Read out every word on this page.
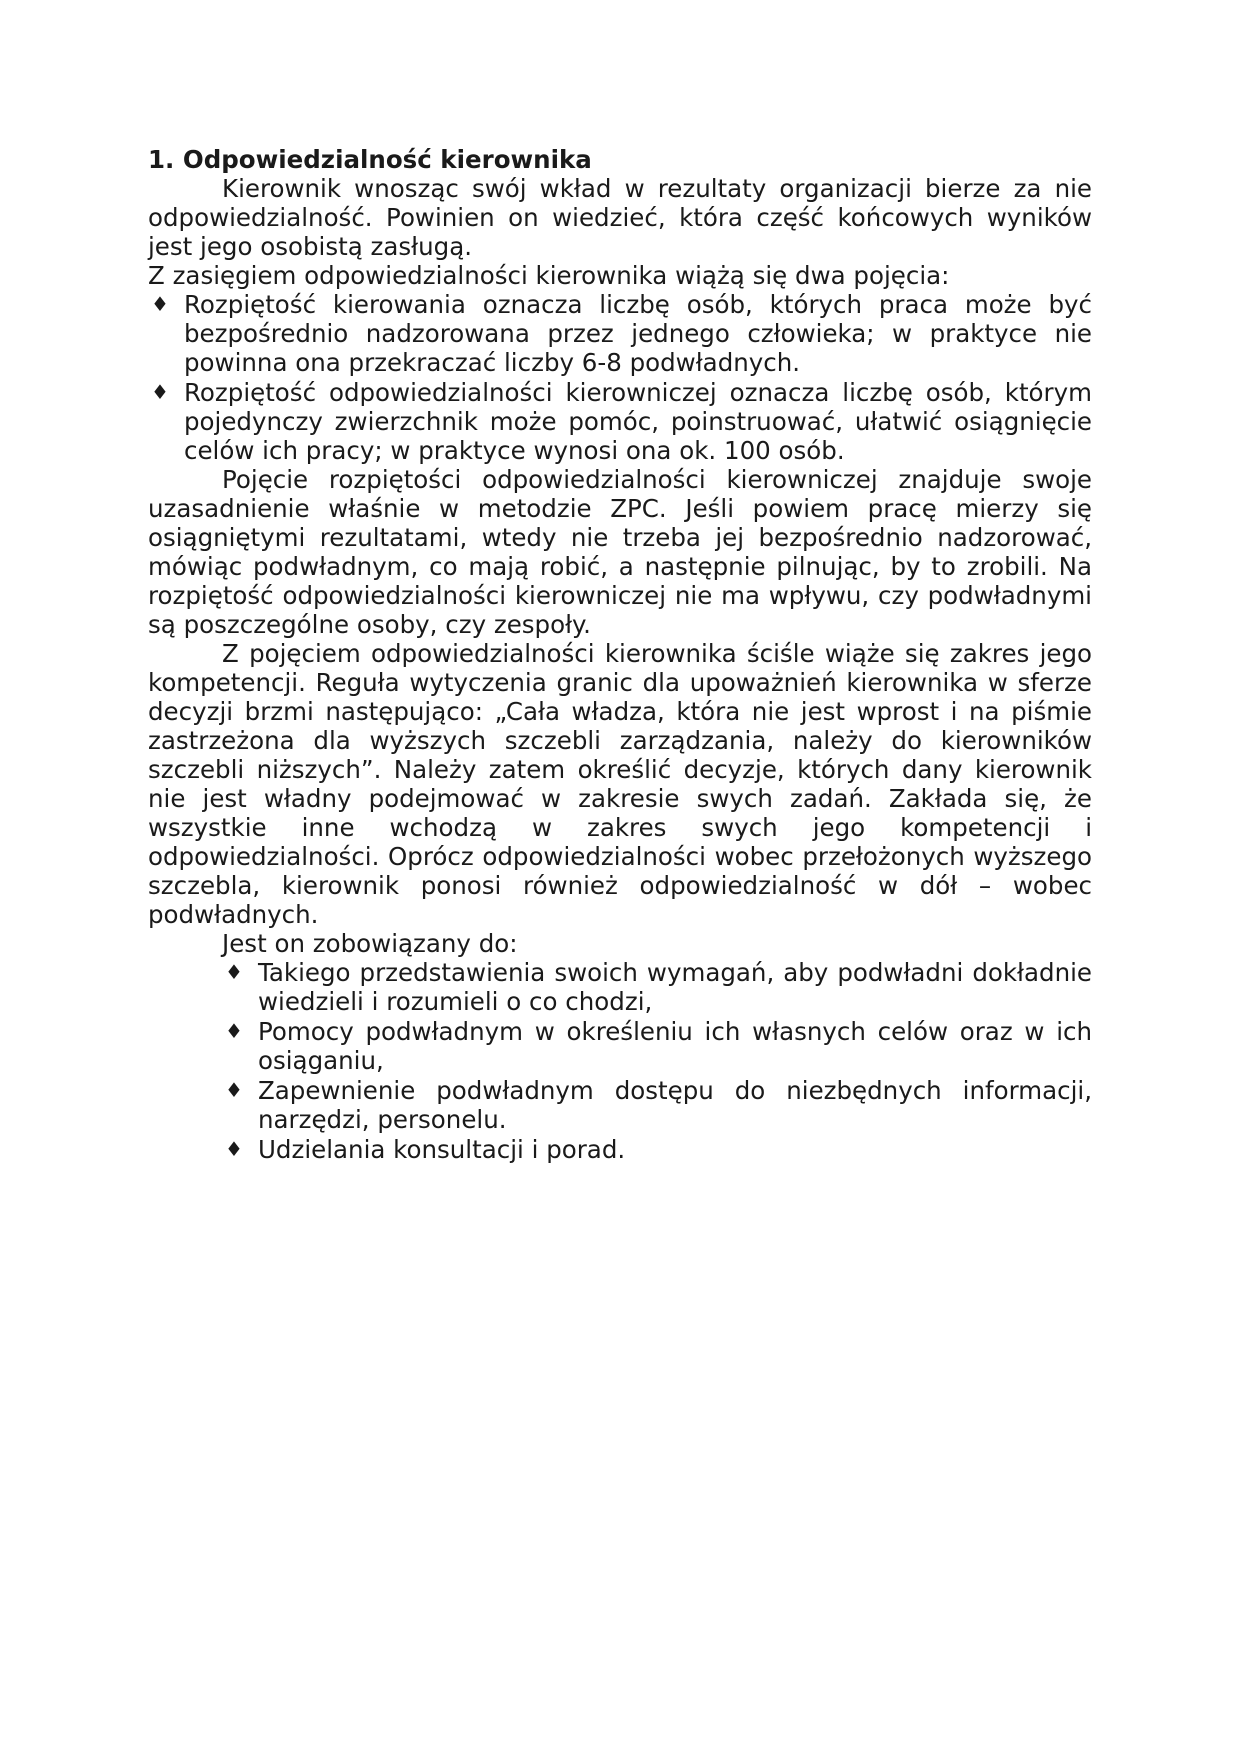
1. Odpowiedzialność kierownika

Kierownik wnosząc swój wkład w rezultaty organizacji bierze za nie odpowiedzialność. Powinien on wiedzieć, która część końcowych wyników jest jego osobistą zasługą.

Z zasięgiem odpowiedzialności kierownika wiążą się dwa pojęcia:

♦ Rozpiętość kierowania oznacza liczbę osób, których praca może być bezpośrednio nadzorowana przez jednego człowieka; w praktyce nie powinna ona przekraczać liczby 6-8 podwładnych.
♦ Rozpiętość odpowiedzialności kierowniczej oznacza liczbę osób, którym pojedynczy zwierzchnik może pomóc, poinstruować, ułatwić osiągnięcie celów ich pracy; w praktyce wynosi ona ok. 100 osób.

Pojęcie rozpiętości odpowiedzialności kierowniczej znajduje swoje uzasadnienie właśnie w metodzie ZPC. Jeśli powiem pracę mierzy się osiągniętymi rezultatami, wtedy nie trzeba jej bezpośrednio nadzorować, mówiąc podwładnym, co mają robić, a następnie pilnując, by to zrobili. Na rozpiętość odpowiedzialności kierowniczej nie ma wpływu, czy podwładnymi są poszczególne osoby, czy zespoły.

Z pojęciem odpowiedzialności kierownika ściśle wiąże się zakres jego kompetencji. Reguła wytyczenia granic dla upoważnień kierownika w sferze decyzji brzmi następująco: „Cała władza, która nie jest wprost i na piśmie zastrzeżona dla wyższych szczebli zarządzania, należy do kierowników szczebli niższych”. Należy zatem określić decyzje, których dany kierownik nie jest władny podejmować w zakresie swych zadań. Zakłada się, że wszystkie inne wchodzą w zakres swych jego kompetencji i odpowiedzialności. Oprócz odpowiedzialności wobec przełożonych wyższego szczebla, kierownik ponosi również odpowiedzialność w dół – wobec podwładnych.

Jest on zobowiązany do:

♦ Takiego przedstawienia swoich wymagań, aby podwładni dokładnie wiedzieli i rozumieli o co chodzi,
♦ Pomocy podwładnym w określeniu ich własnych celów oraz w ich osiąganiu,
♦ Zapewnienie podwładnym dostępu do niezbędnych informacji, narzędzi, personelu.
♦ Udzielania konsultacji i porad.
